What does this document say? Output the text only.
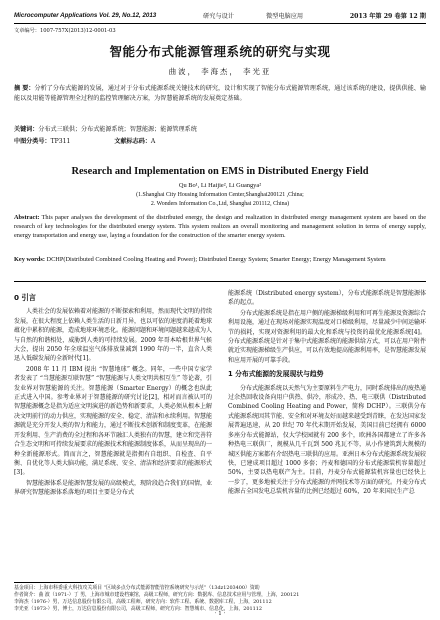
Microcomputer Applications Vol. 29, No.12, 2013	研究与设计	微型电脑应用	2013 年第 29 卷第 12 期
文章编号：1007-757X(2013)12-0001-03
智能分布式能源管理系统的研究与实现
曲波， 李海杰， 李光亚
摘 要：分析了分布式能源的发展，通过对于分布式能源系统关键技术的研究，设计和实现了智能分布式能源管理系统，通过该系统的建设，提供供能、输能以及用能等能源管理全过程的监控管理解决方案，为智慧能源系统的发展奠定基础。
关键词：分布式三联供；分布式能源系统；智慧能源；能源管理系统
中图分类号：TP311	文献标志码：A
Research and Implementation on EMS in Distributed Energy Field
Qu Bo¹, Li Haijie², Li Guangya²
(1.Shanghai City Housing Information Center,Shanghai200121 ,China;
2. Wonders Information Co.,Ltd, Shanghai 201112, China)
Abstract: This paper analyses the development of the distributed energy, the design and realization in distributed energy management system are based on the research of key technologies for the distributed energy system. This system realizes an overall monitoring and management solution in terms of energy supply, energy transportation and energy use, laying a foundation for the construction of the smarter energy system.
Key words: DCHP(Distributed Combined Cooling Heating and Power); Distributed Energy System; Smarter Energy; Energy Management System
0 引言

人类社会的发展依赖着对能源的不断探索和利用，然而现代文明的持续发展，在很大程度上依赖人类生活的日新月异，也以可依的速度消耗着地球蕴化中累积的能源，造成地球环境恶化。能源问题和环境问题越来越成为人与自然的和谐相处，威胁到人类的可持续发展。2009 年哥本哈根世界气候大会，提出 2050 年全球温室气体排放量减到 1990 年的一半，直含人类迅入低碳发展的全新时代[1]。

2008 年 11 月 IBM 提出 “智慧地球” 概念。同年，一些中国专家学者发表了 “当慧能源互联智慧” “智慧能源与人类文明共相互生” 等论著，引发业界对智慧能源的关注。智慧能源（Smarter Energy）的概念也纵此正式进入中国。参考业界对于智慧能源的研究讨论[2]，相对而言被认可的智慧能源概念是指为适应文明演进的新趋势和新要求，人类必须从根本上解决文明前行的动力供应，实现能源的安全、稳定、清洁和永续利用。智慧能源就是充分开发人类的智力和能力，通过不断技术创新和制度变革，在能源开发利用、生产消费的全过程和各环节融汇人类独有的智慧，建立和完善符合生态文明和可持续发展要求的能源技术和能源制度体系，从而呈现出的一种全新能源形式。简而言之，智慧能源就是指拥有自组织、自检查、自平衡、自优化等人类大脑功能，满足系统、安全、清洁和经济要求的能源形式[3]。

智慧能源体系是能源智慧发展的高级模式，现阶段趋合我们的国情，业界研究智慧能源体系落地的项目主要是分布式

能源系统（Distributed energy system），分布式能源系统是智慧能源体系的起点。

分布式能源系统是指在用户侧的能源梯级利用和可再生能源及资源综合利用设施，通过在现场对能源实现温度对口梯级利用，尽量减少中间运输环节的损耗，实现对资源利用的最大化和系统与投资的最优化能源系统[4]。分布式能源系统是针对于集中式能源系统的能源供给方式，可以在用户附件就近实现能源梯级生产供应，可以有效地提高能源利用率，是智慧能源发展和应用开展的可靠手段。

1 分布式能源的发展现状与趋势

分布式能源系统以天然气为主要原料生产电力，同时系统排出的废热通过余热回收设备向用户供热、供冷，形成冷、热、电三联供（Distributed Combined Cooling Heating and Power，简称 DCHP）。三联供分布式能源系统因其节能、安全和对环境友好而越来越受到青睐，在发达国家发展普遍迅速，从 20 世纪 70 年代末期开始发展，美国目前已经拥有 6000 多座分布式能源站，仅大学校园就有 200 多个，欧洲各国都建立了许多各种热电三联供厂，规模从几千瓦到 500 兆瓦不等，从小作建筑到大规模的城区供能方案都有介绍热电三联供的应用。亚洲日本分布式能源系统发展较快，已建成项目超过 1000 多套；丹麦和德国的分布式能源装机容量超过 50%，主要以热电联产为主。目前，丹麦分布式能源装机容量也已经快上一步了，更多地被关注于分布式能源的并网技术等方面的研究。丹麦分布式能源占全国发电总装机容量的比例已经超过 60%，20 年来国民生产总

基金项目：上海市科委重大科技攻关项目 “区域多点分布式能源智能管控系统研究与示范”（13dz1203400）资助
作者简介：曲 波（1971-）丁 男，上海市城市建设档案馆，高级工程师，研究方向：数据库、信息技术应用与管理，上海，200121
李海杰（1976-）男，万达信息股份有限公司，高级工程师，研究方向：软件工程、系统、数据库工程，上海，201112
李光亚（1973-）男，博士，万达信息股份有限公司，高级工程师，研究方向：智慧城市、信息化，上海，201112
· 1 ·
